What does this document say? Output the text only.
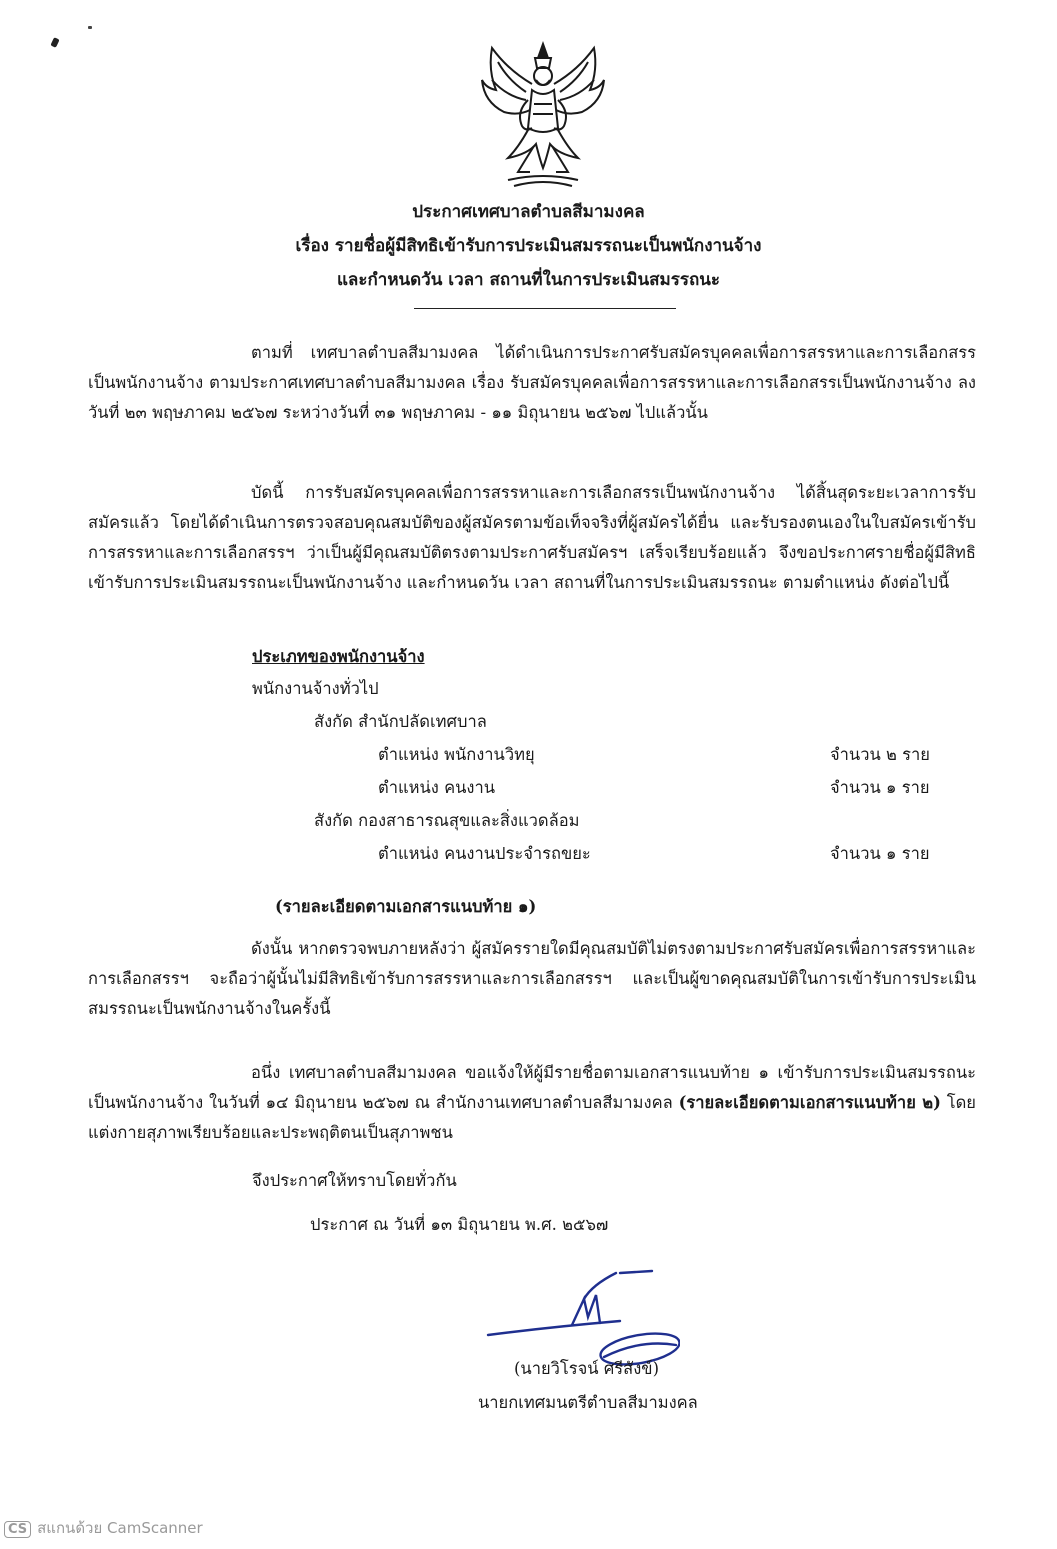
ประกาศเทศบาลตำบลสีมามงคล
เรื่อง รายชื่อผู้มีสิทธิเข้ารับการประเมินสมรรถนะเป็นพนักงานจ้าง
และกำหนดวัน เวลา สถานที่ในการประเมินสมรรถนะ
ตามที่ เทศบาลตำบลสีมามงคล ได้ดำเนินการประกาศรับสมัครบุคคลเพื่อการสรรหาและการเลือกสรรเป็นพนักงานจ้าง ตามประกาศเทศบาลตำบลสีมามงคล เรื่อง รับสมัครบุคคลเพื่อการสรรหาและการเลือกสรรเป็นพนักงานจ้าง ลงวันที่ ๒๓ พฤษภาคม ๒๕๖๗ ระหว่างวันที่ ๓๑ พฤษภาคม - ๑๑ มิถุนายน ๒๕๖๗ ไปแล้วนั้น
บัดนี้ การรับสมัครบุคคลเพื่อการสรรหาและการเลือกสรรเป็นพนักงานจ้าง ได้สิ้นสุดระยะเวลาการรับสมัครแล้ว โดยได้ดำเนินการตรวจสอบคุณสมบัติของผู้สมัครตามข้อเท็จจริงที่ผู้สมัครได้ยื่น และรับรองตนเองในใบสมัครเข้ารับการสรรหาและการเลือกสรรฯ ว่าเป็นผู้มีคุณสมบัติตรงตามประกาศรับสมัครฯ เสร็จเรียบร้อยแล้ว จึงขอประกาศรายชื่อผู้มีสิทธิเข้ารับการประเมินสมรรถนะเป็นพนักงานจ้าง และกำหนดวัน เวลา สถานที่ในการประเมินสมรรถนะ ตามตำแหน่ง ดังต่อไปนี้
ประเภทของพนักงานจ้าง
พนักงานจ้างทั่วไป
สังกัด สำนักปลัดเทศบาล
ตำแหน่ง พนักงานวิทยุ	จำนวน ๒ ราย
ตำแหน่ง คนงาน	จำนวน ๑ ราย
สังกัด กองสาธารณสุขและสิ่งแวดล้อม
ตำแหน่ง คนงานประจำรถขยะ	จำนวน ๑ ราย
(รายละเอียดตามเอกสารแนบท้าย ๑)
ดังนั้น หากตรวจพบภายหลังว่า ผู้สมัครรายใดมีคุณสมบัติไม่ตรงตามประกาศรับสมัครเพื่อการสรรหาและการเลือกสรรฯ จะถือว่าผู้นั้นไม่มีสิทธิเข้ารับการสรรหาและการเลือกสรรฯ และเป็นผู้ขาดคุณสมบัติในการเข้ารับการประเมินสมรรถนะเป็นพนักงานจ้างในครั้งนี้
อนึ่ง เทศบาลตำบลสีมามงคล ขอแจ้งให้ผู้มีรายชื่อตามเอกสารแนบท้าย ๑ เข้ารับการประเมินสมรรถนะเป็นพนักงานจ้าง ในวันที่ ๑๔ มิถุนายน ๒๕๖๗ ณ สำนักงานเทศบาลตำบลสีมามงคล (รายละเอียดตามเอกสารแนบท้าย ๒) โดยแต่งกายสุภาพเรียบร้อยและประพฤติตนเป็นสุภาพชน
จึงประกาศให้ทราบโดยทั่วกัน
ประกาศ ณ วันที่ ๑๓ มิถุนายน พ.ศ. ๒๕๖๗
(นายวิโรจน์ ศรีสังข์)
นายกเทศมนตรีตำบลสีมามงคล
CS สแกนด้วย CamScanner
